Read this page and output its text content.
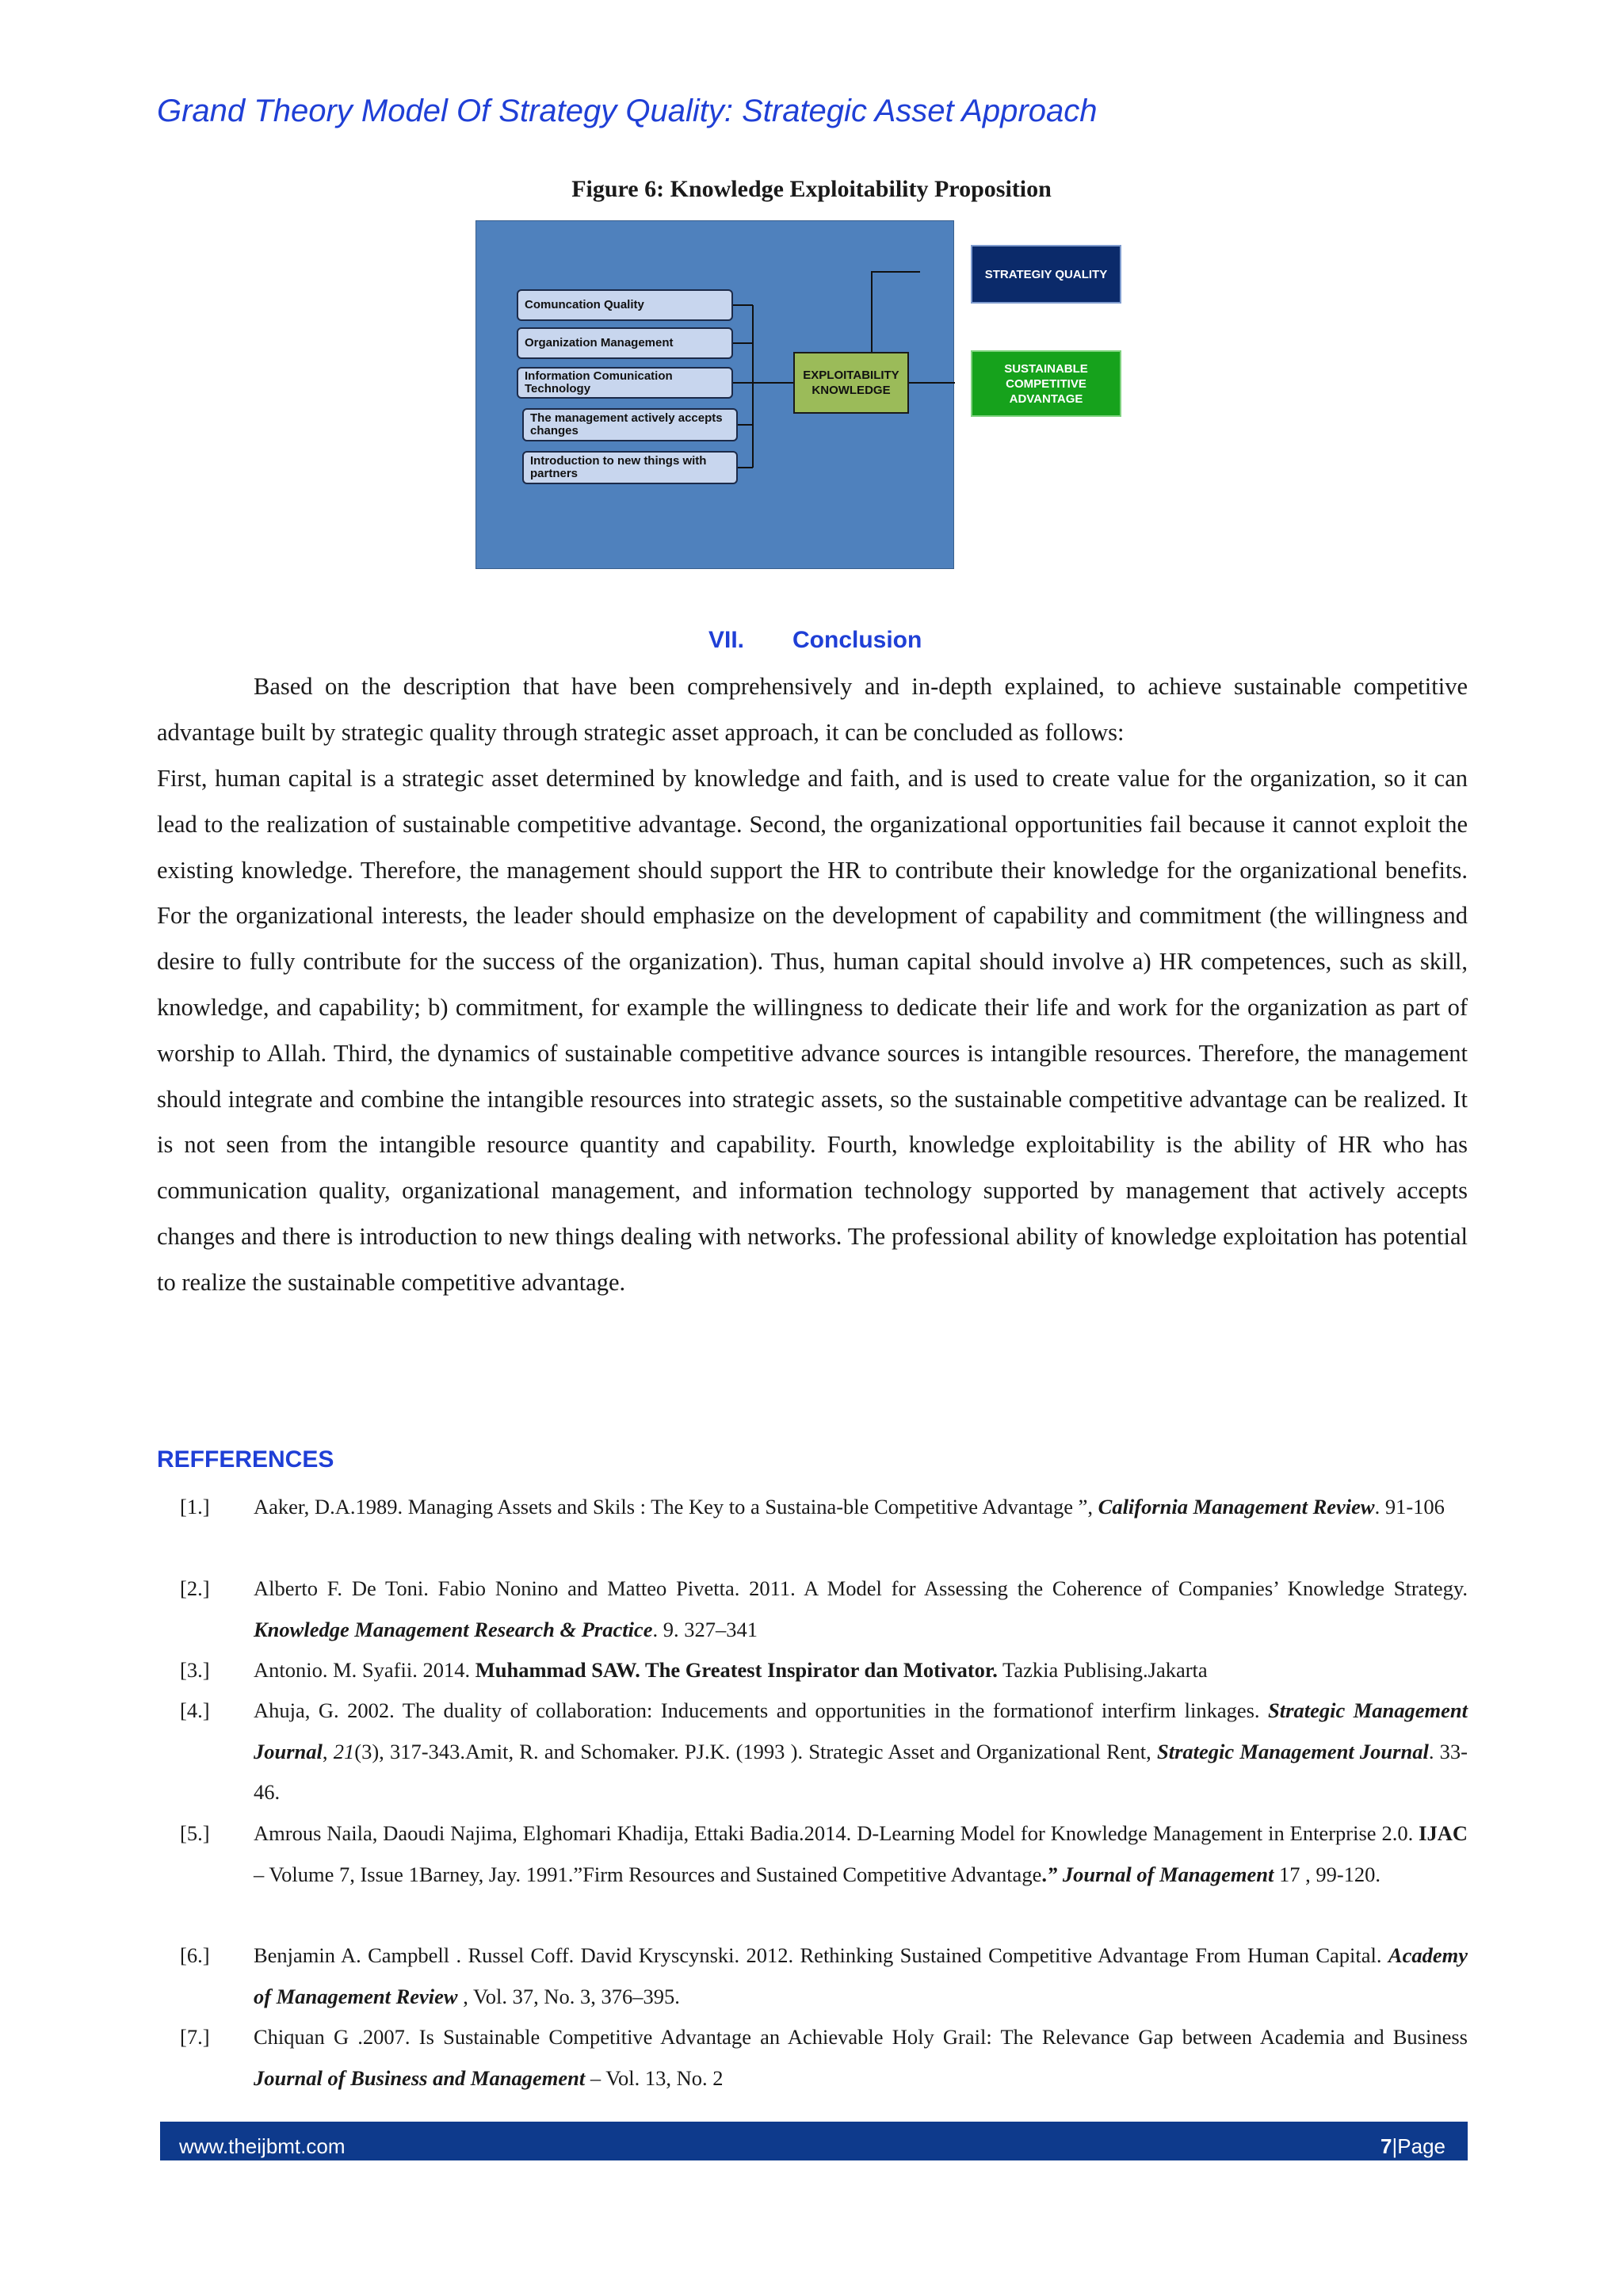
Grand Theory Model Of Strategy Quality: Strategic Asset Approach
Figure 6: Knowledge Exploitability Proposition
Comuncation Quality
Organization Management
Information Comunication Technology
The management actively accepts changes
Introduction to new things with partners
EXPLOITABILITY KNOWLEDGE
STRATEGIY QUALITY
SUSTAINABLE COMPETITIVE ADVANTAGE
VII. Conclusion

Based on the description that have been comprehensively and in-depth explained, to achieve sustainable competitive advantage built by strategic quality through strategic asset approach, it can be concluded as follows:

First, human capital is a strategic asset determined by knowledge and faith, and is used to create value for the organization, so it can lead to the realization of sustainable competitive advantage. Second, the organizational opportunities fail because it cannot exploit the existing knowledge. Therefore, the management should support the HR to contribute their knowledge for the organizational benefits. For the organizational interests, the leader should emphasize on the development of capability and commitment (the willingness and desire to fully contribute for the success of the organization). Thus, human capital should involve a) HR competences, such as skill, knowledge, and capability; b) commitment, for example the willingness to dedicate their life and work for the organization as part of worship to Allah. Third, the dynamics of sustainable competitive advance sources is intangible resources. Therefore, the management should integrate and combine the intangible resources into strategic assets, so the sustainable competitive advantage can be realized. It is not seen from the intangible resource quantity and capability. Fourth, knowledge exploitability is the ability of HR who has communication quality, organizational management, and information technology supported by management that actively accepts changes and there is introduction to new things dealing with networks. The professional ability of knowledge exploitation has potential to realize the sustainable competitive advantage.

REFFERENCES
[1.] Aaker, D.A.1989. Managing Assets and Skils : The Key to a Sustaina-ble Competitive Advantage ”, California Management Review. 91-106
[2.] Alberto F. De Toni. Fabio Nonino and Matteo Pivetta. 2011. A Model for Assessing the Coherence of Companies’ Knowledge Strategy. Knowledge Management Research & Practice. 9. 327–341
[3.] Antonio. M. Syafii. 2014. Muhammad SAW. The Greatest Inspirator dan Motivator. Tazkia Publising.Jakarta
[4.] Ahuja, G. 2002. The duality of collaboration: Inducements and opportunities in the formationof interfirm linkages. Strategic Management Journal, 21(3), 317-343.Amit, R. and Schomaker. PJ.K. (1993 ). Strategic Asset and Organizational Rent, Strategic Management Journal. 33-46.
[5.] Amrous Naila, Daoudi Najima, Elghomari Khadija, Ettaki Badia.2014. D-Learning Model for Knowledge Management in Enterprise 2.0. IJAC – Volume 7, Issue 1Barney, Jay. 1991.”Firm Resources and Sustained Competitive Advantage.” Journal of Management 17 , 99-120.
[6.] Benjamin A. Campbell . Russel Coff. David Kryscynski. 2012. Rethinking Sustained Competitive Advantage From Human Capital. Academy of Management Review , Vol. 37, No. 3, 376–395.
[7.] Chiquan G .2007. Is Sustainable Competitive Advantage an Achievable Holy Grail: The Relevance Gap between Academia and Business Journal of Business and Management – Vol. 13, No. 2
www.theijbmt.com	7|Page
